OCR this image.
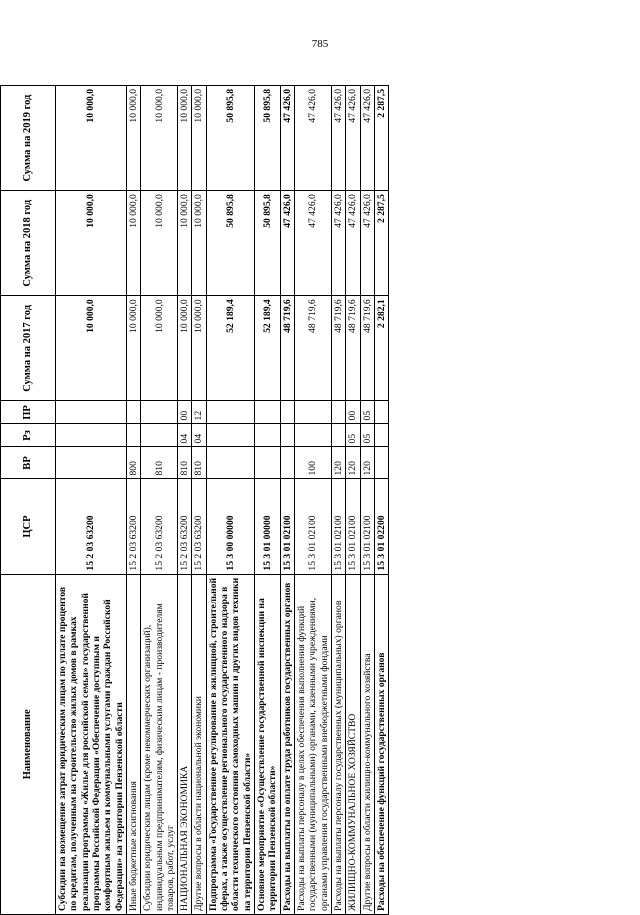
785
Наименование	ЦСР	ВР	Рз	ПР	Сумма на 2017 год	Сумма на 2018 год	Сумма на 2019 год
Субсидии на возмещение затрат юридическим лицам по уплате процентов по кредитам, полученным на строительство жилых домов в рамках реализации программы «Жилье для российской семьи» государственной программы Российской Федерации «Обеспечение доступным и комфортным жильем и коммунальными услугами граждан Российской Федерации» на территории Пензенской области	15 2 03 63200				10 000,0	10 000,0	10 000,0
Иные бюджетные ассигнования	15 2 03 63200	800			10 000,0	10 000,0	10 000,0
Субсидии юридическим лицам (кроме некоммерческих организаций), индивидуальным предпринимателям, физическим лицам - производителям товаров, работ, услуг	15 2 03 63200	810			10 000,0	10 000,0	10 000,0
НАЦИОНАЛЬНАЯ ЭКОНОМИКА	15 2 03 63200	810	04	00	10 000,0	10 000,0	10 000,0
Другие вопросы в области национальной экономики	15 2 03 63200	810	04	12	10 000,0	10 000,0	10 000,0
Подпрограмма «Государственное регулирование в жилищной, строительной сферах, а также осуществление регионального государственного надзора в области технического состояния самоходных машин и других видов техники на территории Пензенской области»	15 3 00 00000				52 189,4	50 895,8	50 895,8
Основное мероприятие «Осуществление государственной инспекции на территории Пензенской области»	15 3 01 00000				52 189,4	50 895,8	50 895,8
Расходы на выплаты по оплате труда работников государственных органов	15 3 01 02100				48 719,6	47 426,0	47 426,0
Расходы на выплаты персоналу в целях обеспечения выполнения функций государственными (муниципальными) органами, казенными учреждениями, органами управления государственными внебюджетными фондами	15 3 01 02100	100			48 719,6	47 426,0	47 426,0
Расходы на выплаты персоналу государственных (муниципальных) органов	15 3 01 02100	120			48 719,6	47 426,0	47 426,0
ЖИЛИЩНО-КОММУНАЛЬНОЕ ХОЗЯЙСТВО	15 3 01 02100	120	05	00	48 719,6	47 426,0	47 426,0
Другие вопросы в области жилищно-коммунального хозяйства	15 3 01 02100	120	05	05	48 719,6	47 426,0	47 426,0
Расходы на обеспечение функций государственных органов	15 3 01 02200				2 282,1	2 287,5	2 287,5
